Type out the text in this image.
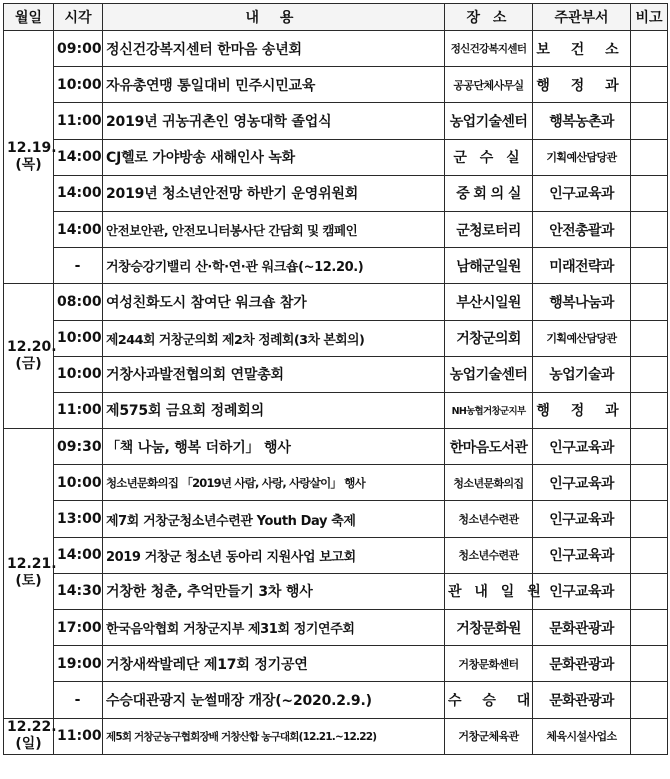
월일	시각	내 용	장 소	주관부서	비고
12.19.
(목)	09:00	정신건강복지센터 한마음 송년회	정신건강복지센터	보 건 소	
	10:00	자유총연맹 통일대비 민주시민교육	공공단체사무실	행 정 과	
	11:00	2019년 귀농귀촌인 영농대학 졸업식	농업기술센터	행복농촌과	
	14:00	CJ헬로 가야방송 새해인사 녹화	군 수 실	기획예산담당관	
	14:00	2019년 청소년안전망 하반기 운영위원회	중 회 의 실	인구교육과	
	14:00	안전보안관, 안전모니터봉사단 간담회 및 캠페인	군청로터리	안전총괄과	
	-	거창승강기밸리 산·학·연·관 워크숍(~12.20.)	남해군일원	미래전략과	
12.20.
(금)	08:00	여성친화도시 참여단 워크숍 참가	부산시일원	행복나눔과	
	10:00	제244회 거창군의회 제2차 정례회(3차 본회의)	거창군의회	기획예산담당관	
	10:00	거창사과발전협의회 연말총회	농업기술센터	농업기술과	
	11:00	제575회 금요회 정례회의	NH농협거창군지부	행 정 과	
12.21.
(토)	09:30	「책 나눔, 행복 더하기」 행사	한마음도서관	인구교육과	
	10:00	청소년문화의집 「2019년 사람, 사랑, 사랑살이」 행사	청소년문화의집	인구교육과	
	13:00	제7회 거창군청소년수련관 Youth Day 축제	청소년수련관	인구교육과	
	14:00	2019 거창군 청소년 동아리 지원사업 보고회	청소년수련관	인구교육과	
	14:30	거창한 청춘, 추억만들기 3차 행사	관 내 일 원	인구교육과	
	17:00	한국음악협회 거창군지부 제31회 정기연주회	거창문화원	문화관광과	
	19:00	거창새싹발레단 제17회 정기공연	거창문화센터	문화관광과	
	-	수승대관광지 눈썰매장 개장(~2020.2.9.)	수 승 대	문화관광과	
12.22.
(일)	11:00	제5회 거창군농구협회장배 거창산합 농구대회(12.21.~12.22)	거창군체육관	체육시설사업소	
